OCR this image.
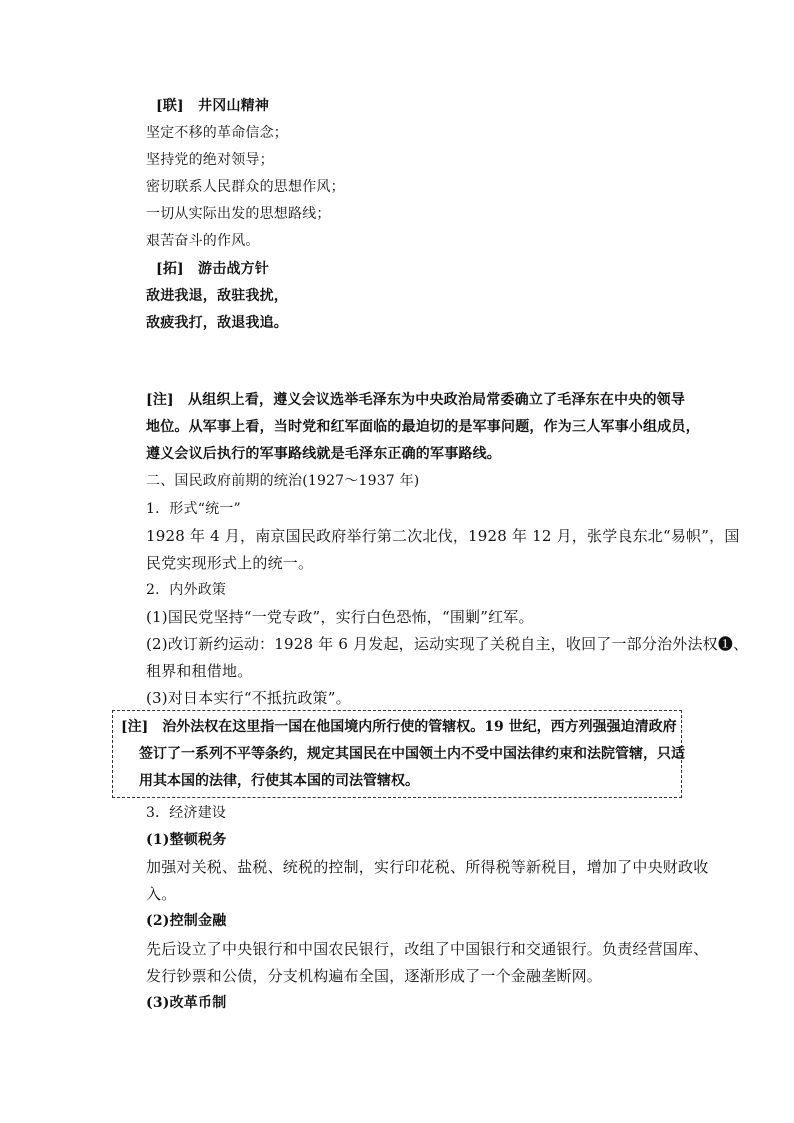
[联]　井冈山精神
坚定不移的革命信念；
坚持党的绝对领导；
密切联系人民群众的思想作风；
一切从实际出发的思想路线；
艰苦奋斗的作风。
[拓]　游击战方针
敌进我退，敌驻我扰，
敌疲我打，敌退我追。
[注]　从组织上看，遵义会议选举毛泽东为中央政治局常委确立了毛泽东在中央的领导
地位。从军事上看，当时党和红军面临的最迫切的是军事问题，作为三人军事小组成员，
遵义会议后执行的军事路线就是毛泽东正确的军事路线。
二、国民政府前期的统治(1927～1937 年)
1．形式“统一”
1928 年 4 月，南京国民政府举行第二次北伐，1928 年 12 月，张学良东北“易帜”，国
民党实现形式上的统一。
2．内外政策
(1)国民党坚持“一党专政”，实行白色恐怖，“围剿”红军。
(2)改订新约运动：1928 年 6 月发起，运动实现了关税自主，收回了一部分治外法权❶、
租界和租借地。
(3)对日本实行“不抵抗政策”。
[注]　治外法权在这里指一国在他国境内所行使的管辖权。19 世纪，西方列强强迫清政府
签订了一系列不平等条约，规定其国民在中国领土内不受中国法律约束和法院管辖，只适
用其本国的法律，行使其本国的司法管辖权。
3．经济建设
(1)整顿税务
加强对关税、盐税、统税的控制，实行印花税、所得税等新税目，增加了中央财政收
入。
(2)控制金融
先后设立了中央银行和中国农民银行，改组了中国银行和交通银行。负责经营国库、
发行钞票和公债，分支机构遍布全国，逐渐形成了一个金融垄断网。
(3)改革币制
